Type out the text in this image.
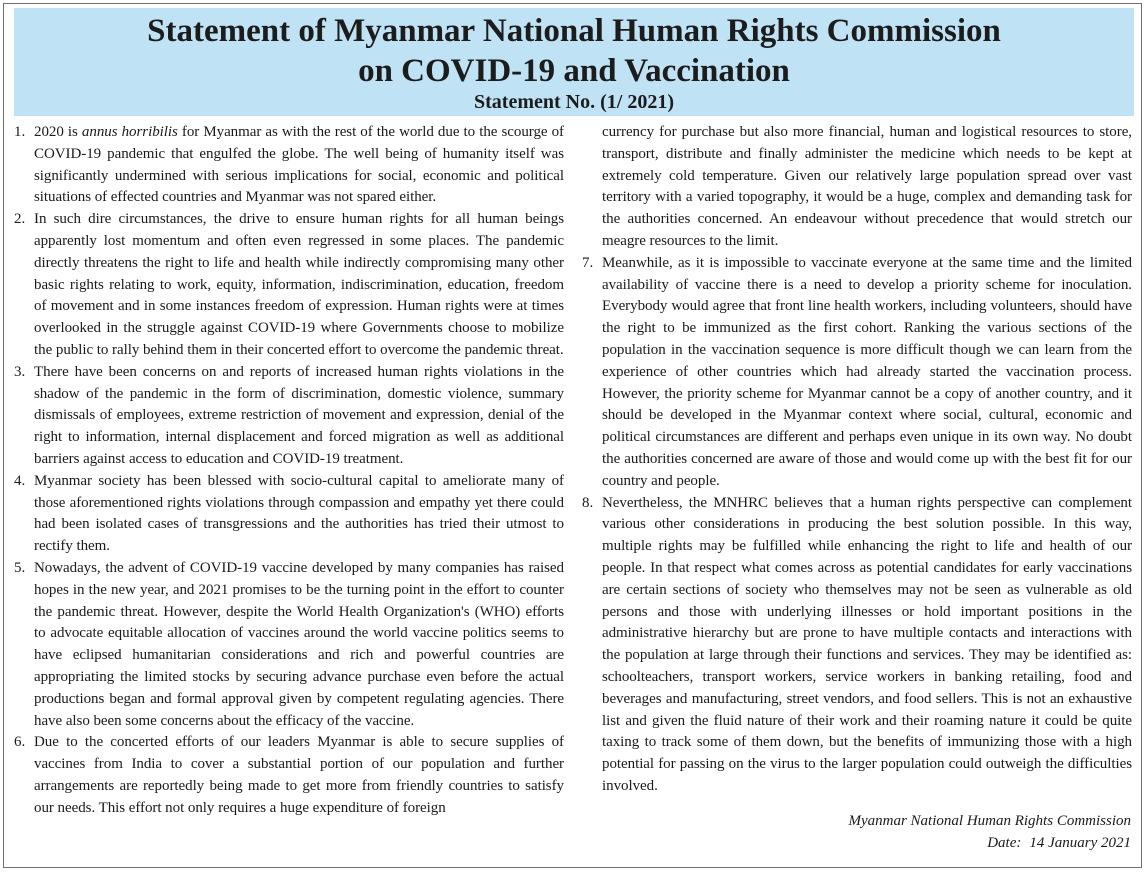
Statement of Myanmar National Human Rights Commission
on COVID-19 and Vaccination
Statement No. (1/ 2021)
1. 2020 is annus horribilis for Myanmar as with the rest of the world due to the scourge of COVID-19 pandemic that engulfed the globe. The well being of humanity itself was significantly undermined with serious implications for social, economic and political situations of effected countries and Myanmar was not spared either.
2. In such dire circumstances, the drive to ensure human rights for all human beings apparently lost momentum and often even regressed in some places. The pandemic directly threatens the right to life and health while indirectly compromising many other basic rights relating to work, equity, information, indiscrimination, education, freedom of movement and in some instances freedom of expression. Human rights were at times overlooked in the struggle against COVID-19 where Governments choose to mobilize the public to rally behind them in their concerted effort to overcome the pandemic threat.
3. There have been concerns on and reports of increased human rights violations in the shadow of the pandemic in the form of discrimination, domestic violence, summary dismissals of employees, extreme restriction of movement and expression, denial of the right to information, internal displacement and forced migration as well as additional barriers against access to education and COVID-19 treatment.
4. Myanmar society has been blessed with socio-cultural capital to ameliorate many of those aforementioned rights violations through compassion and empathy yet there could had been isolated cases of transgressions and the authorities has tried their utmost to rectify them.
5. Nowadays, the advent of COVID-19 vaccine developed by many companies has raised hopes in the new year, and 2021 promises to be the turning point in the effort to counter the pandemic threat. However, despite the World Health Organization's (WHO) efforts to advocate equitable allocation of vaccines around the world vaccine politics seems to have eclipsed humanitarian considerations and rich and powerful countries are appropriating the limited stocks by securing advance purchase even before the actual productions began and formal approval given by competent regulating agencies. There have also been some concerns about the efficacy of the vaccine.
6. Due to the concerted efforts of our leaders Myanmar is able to secure supplies of vaccines from India to cover a substantial portion of our population and further arrangements are reportedly being made to get more from friendly countries to satisfy our needs. This effort not only requires a huge expenditure of foreign

currency for purchase but also more financial, human and logistical resources to store, transport, distribute and finally administer the medicine which needs to be kept at extremely cold temperature. Given our relatively large population spread over vast territory with a varied topography, it would be a huge, complex and demanding task for the authorities concerned. An endeavour without precedence that would stretch our meagre resources to the limit.

7. Meanwhile, as it is impossible to vaccinate everyone at the same time and the limited availability of vaccine there is a need to develop a priority scheme for inoculation. Everybody would agree that front line health workers, including volunteers, should have the right to be immunized as the first cohort. Ranking the various sections of the population in the vaccination sequence is more difficult though we can learn from the experience of other countries which had already started the vaccination process. However, the priority scheme for Myanmar cannot be a copy of another country, and it should be developed in the Myanmar context where social, cultural, economic and political circumstances are different and perhaps even unique in its own way. No doubt the authorities concerned are aware of those and would come up with the best fit for our country and people.
8. Nevertheless, the MNHRC believes that a human rights perspective can complement various other considerations in producing the best solution possible. In this way, multiple rights may be fulfilled while enhancing the right to life and health of our people. In that respect what comes across as potential candidates for early vaccinations are certain sections of society who themselves may not be seen as vulnerable as old persons and those with underlying illnesses or hold important positions in the administrative hierarchy but are prone to have multiple contacts and interactions with the population at large through their functions and services. They may be identified as: schoolteachers, transport workers, service workers in banking retailing, food and beverages and manufacturing, street vendors, and food sellers. This is not an exhaustive list and given the fluid nature of their work and their roaming nature it could be quite taxing to track some of them down, but the benefits of immunizing those with a high potential for passing on the virus to the larger population could outweigh the difficulties involved.
Myanmar National Human Rights Commission
Date: 14 January 2021
